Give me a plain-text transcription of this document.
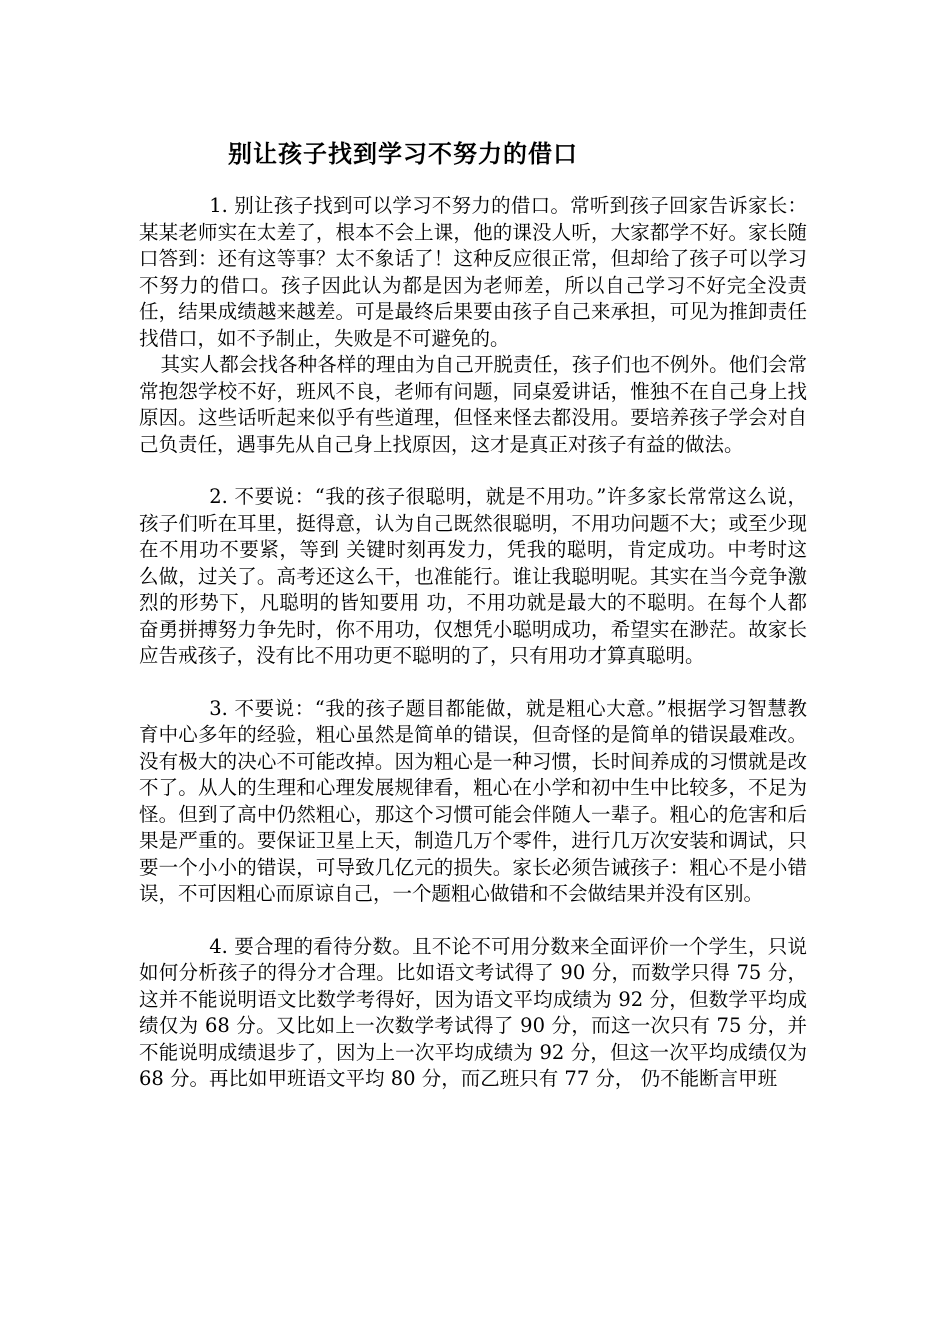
别让孩子找到学习不努力的借口

1. 别让孩子找到可以学习不努力的借口。常听到孩子回家告诉家长：某某老师实在太差了，根本不会上课，他的课没人听，大家都学不好。家长随口答到：还有这等事？太不象话了！这种反应很正常，但却给了孩子可以学习不努力的借口。孩子因此认为都是因为老师差，所以自己学习不好完全没责任，结果成绩越来越差。可是最终后果要由孩子自己来承担，可见为推卸责任找借口，如不予制止，失败是不可避免的。

其实人都会找各种各样的理由为自己开脱责任，孩子们也不例外。他们会常常抱怨学校不好，班风不良，老师有问题，同桌爱讲话，惟独不在自己身上找原因。这些话听起来似乎有些道理，但怪来怪去都没用。要培养孩子学会对自己负责任，遇事先从自己身上找原因，这才是真正对孩子有益的做法。

2. 不要说：“我的孩子很聪明，就是不用功。”许多家长常常这么说，孩子们听在耳里，挺得意，认为自己既然很聪明，不用功问题不大；或至少现在不用功不要紧，等到 关键时刻再发力，凭我的聪明，肯定成功。中考时这么做，过关了。高考还这么干，也准能行。谁让我聪明呢。其实在当今竞争激烈的形势下，凡聪明的皆知要用 功，不用功就是最大的不聪明。在每个人都奋勇拼搏努力争先时，你不用功，仅想凭小聪明成功，希望实在渺茫。故家长应告戒孩子，没有比不用功更不聪明的了，只有用功才算真聪明。

3. 不要说：“我的孩子题目都能做，就是粗心大意。”根据学习智慧教育中心多年的经验，粗心虽然是简单的错误，但奇怪的是简单的错误最难改。没有极大的决心不可能改掉。因为粗心是一种习惯，长时间养成的习惯就是改不了。从人的生理和心理发展规律看，粗心在小学和初中生中比较多，不足为怪。但到了高中仍然粗心，那这个习惯可能会伴随人一辈子。粗心的危害和后果是严重的。要保证卫星上天，制造几万个零件，进行几万次安装和调试，只要一个小小的错误，可导致几亿元的损失。家长必须告诫孩子：粗心不是小错误，不可因粗心而原谅自己，一个题粗心做错和不会做结果并没有区别。

4. 要合理的看待分数。且不论不可用分数来全面评价一个学生，只说如何分析孩子的得分才合理。比如语文考试得了 90 分，而数学只得 75 分，这并不能说明语文比数学考得好，因为语文平均成绩为 92 分，但数学平均成绩仅为 68 分。又比如上一次数学考试得了 90 分，而这一次只有 75 分，并不能说明成绩退步了，因为上一次平均成绩为 92 分，但这一次平均成绩仅为 68 分。再比如甲班语文平均 80 分，而乙班只有 77 分， 仍不能断言甲班
